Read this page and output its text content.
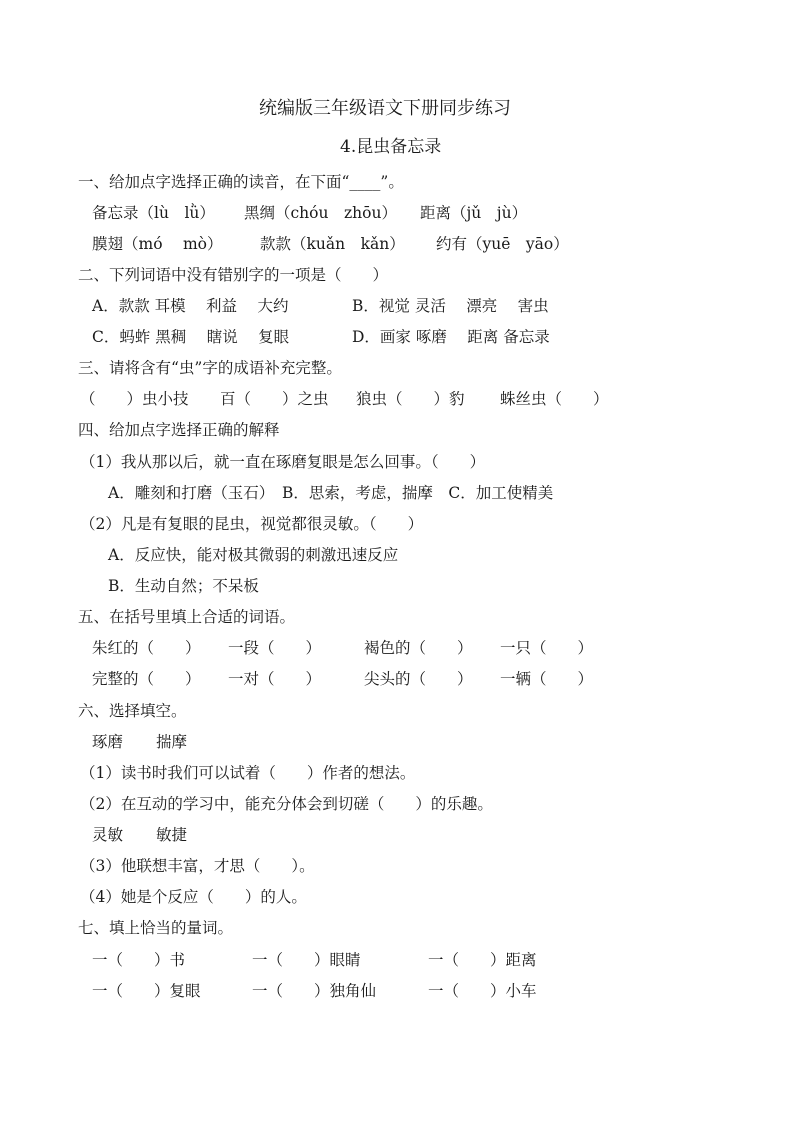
统编版三年级语文下册同步练习
4.昆虫备忘录
一、给加点字选择正确的读音，在下面“____”。
备忘录（lù　lǜ） 黑绸（chóu　zhōu） 距离（jǔ　jù）
膜翅（mó　 mò） 款款（kuǎn　kǎn） 约有（yuē　yāo）
二、下列词语中没有错别字的一项是（　　）
A．款款 耳模　 利益　 大约	B．视觉 灵活　 漂亮　 害虫
C．蚂蚱 黑稠　 瞎说　 复眼	D．画家 啄磨　 距离 备忘录
三、请将含有“虫”字的成语补充完整。
（　　）虫小技 百（　　）之虫 狼虫（　　）豹 蛛丝虫（　　）
四、给加点字选择正确的解释
（1）我从那以后，就一直在琢磨复眼是怎么回事。（　　）
A．雕刻和打磨（玉石）　B．思索，考虑，揣摩　C．加工使精美
（2）凡是有复眼的昆虫，视觉都很灵敏。（　　）
A．反应快，能对极其微弱的刺激迅速反应
B．生动自然；不呆板
五、在括号里填上合适的词语。
朱红的（　　） 一段（　　）	褐色的（　　） 一只（　　）
完整的（　　） 一对（　　）	尖头的（　　） 一辆（　　）
六、选择填空。
琢磨 揣摩
（1）读书时我们可以试着（　　）作者的想法。
（2）在互动的学习中，能充分体会到切磋（　　）的乐趣。
灵敏 敏捷
（3）他联想丰富，才思（　　）。
（4）她是个反应（　　）的人。
七、填上恰当的量词。
一（　　）书	一（　　）眼睛	一（　　）距离
一（　　）复眼	一（　　）独角仙	一（　　）小车
